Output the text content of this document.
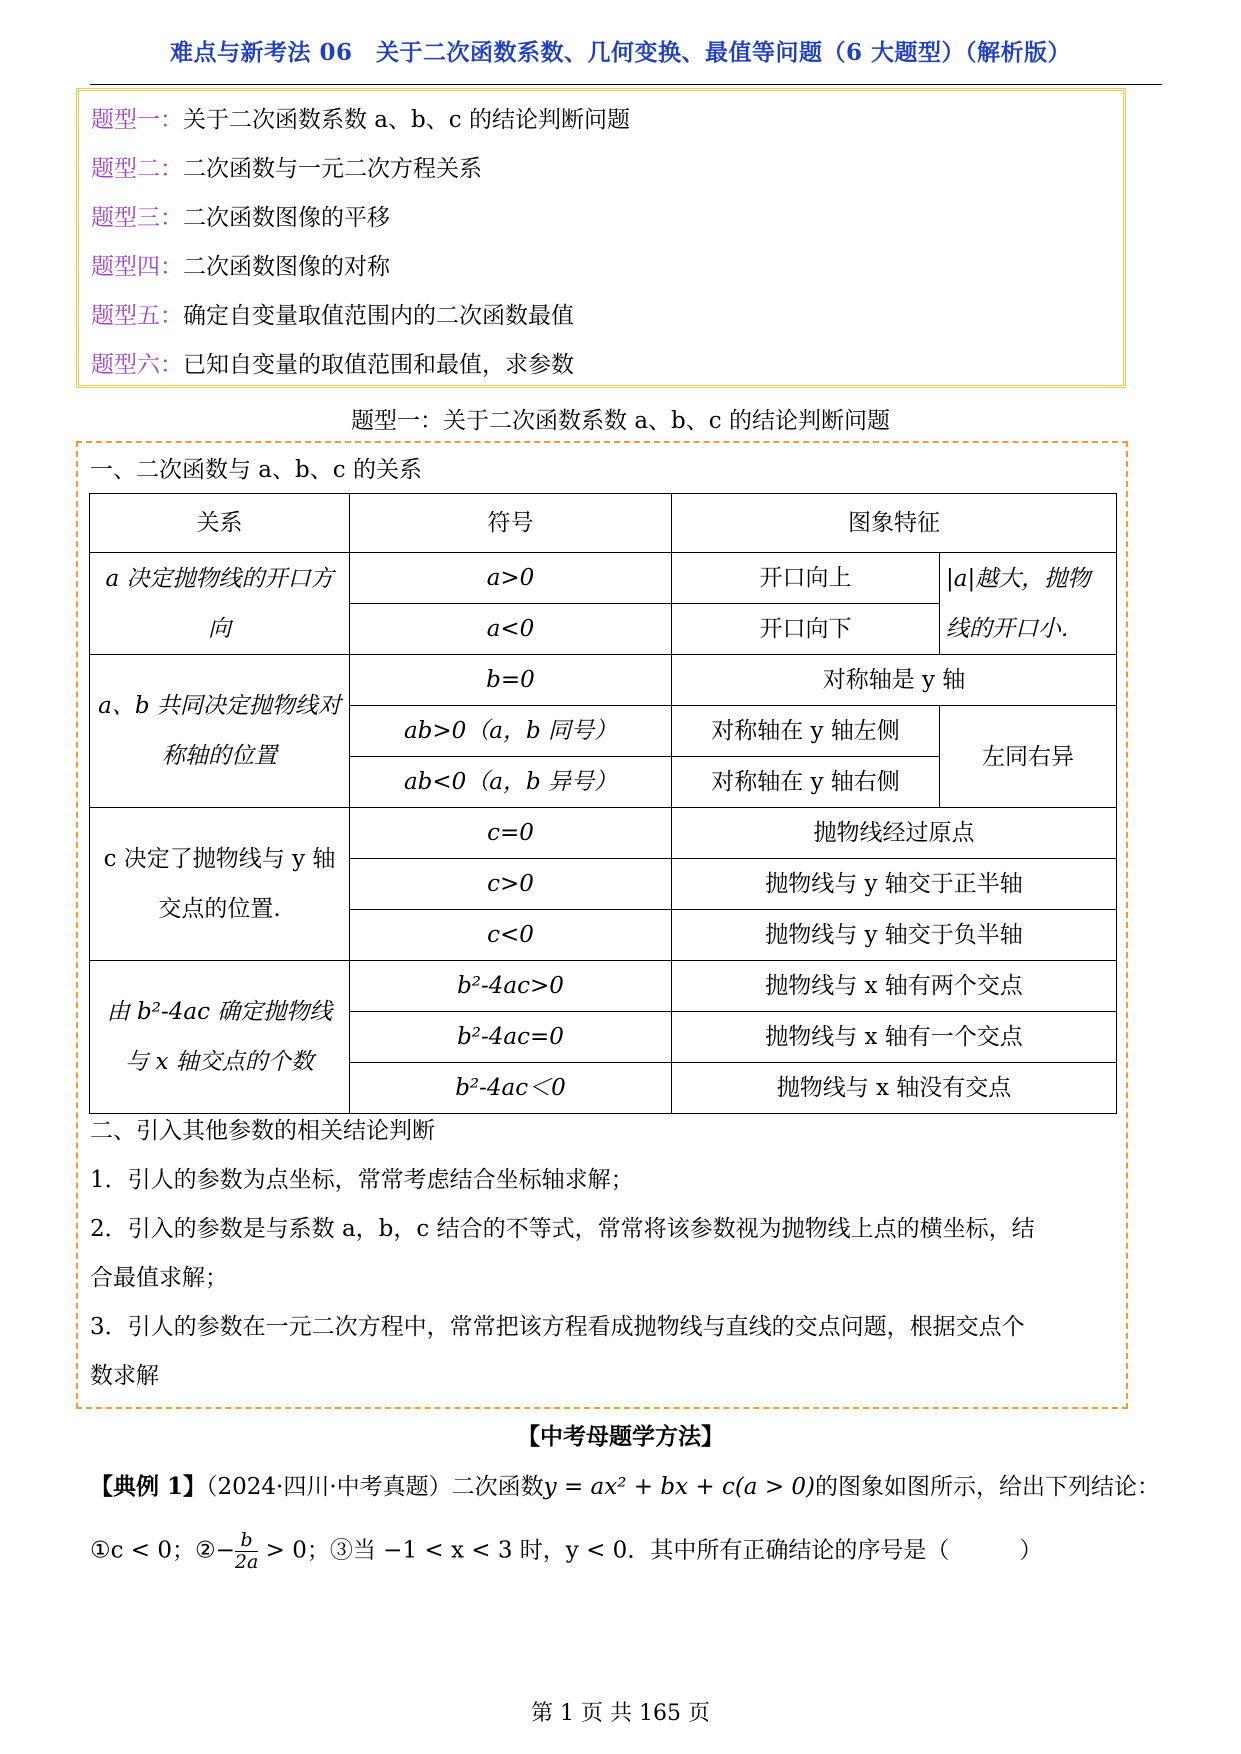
难点与新考法 06　关于二次函数系数、几何变换、最值等问题（6 大题型）（解析版）
题型一：关于二次函数系数 a、b、c 的结论判断问题
题型二：二次函数与一元二次方程关系
题型三：二次函数图像的平移
题型四：二次函数图像的对称
题型五：确定自变量取值范围内的二次函数最值
题型六：已知自变量的取值范围和最值，求参数
题型一：关于二次函数系数 a、b、c 的结论判断问题
一、二次函数与 a、b、c 的关系
关系	符号	图象特征	
a 决定抛物线的开口方向	a>0	开口向上	|a|越大，抛物线的开口小.
	a<0	开口向下	
a、b 共同决定抛物线对称轴的位置	b=0	对称轴是 y 轴	
	ab>0（a，b 同号）	对称轴在 y 轴左侧	左同右异
	ab<0（a，b 异号）	对称轴在 y 轴右侧	
c 决定了抛物线与 y 轴交点的位置.	c=0	抛物线经过原点	
	c>0	抛物线与 y 轴交于正半轴	
	c<0	抛物线与 y 轴交于负半轴	
由 b²-4ac 确定抛物线与 x 轴交点的个数	b²-4ac>0	抛物线与 x 轴有两个交点	
	b²-4ac=0	抛物线与 x 轴有一个交点	
	b²-4ac＜0	抛物线与 x 轴没有交点	
二、引入其他参数的相关结论判断
1．引人的参数为点坐标，常常考虑结合坐标轴求解；
2．引入的参数是与系数 a，b，c 结合的不等式，常常将该参数视为抛物线上点的横坐标，结
合最值求解；
3．引人的参数在一元二次方程中，常常把该方程看成抛物线与直线的交点问题，根据交点个
数求解
【中考母题学方法】
【典例 1】（2024·四川·中考真题）二次函数y = ax² + bx + c(a > 0)的图象如图所示，给出下列结论：
①c < 0；②− $\frac{b}{2a} > 0$；③当 −1 < x < 3 时，y < 0．其中所有正确结论的序号是（	）
第 1 页 共 165 页
